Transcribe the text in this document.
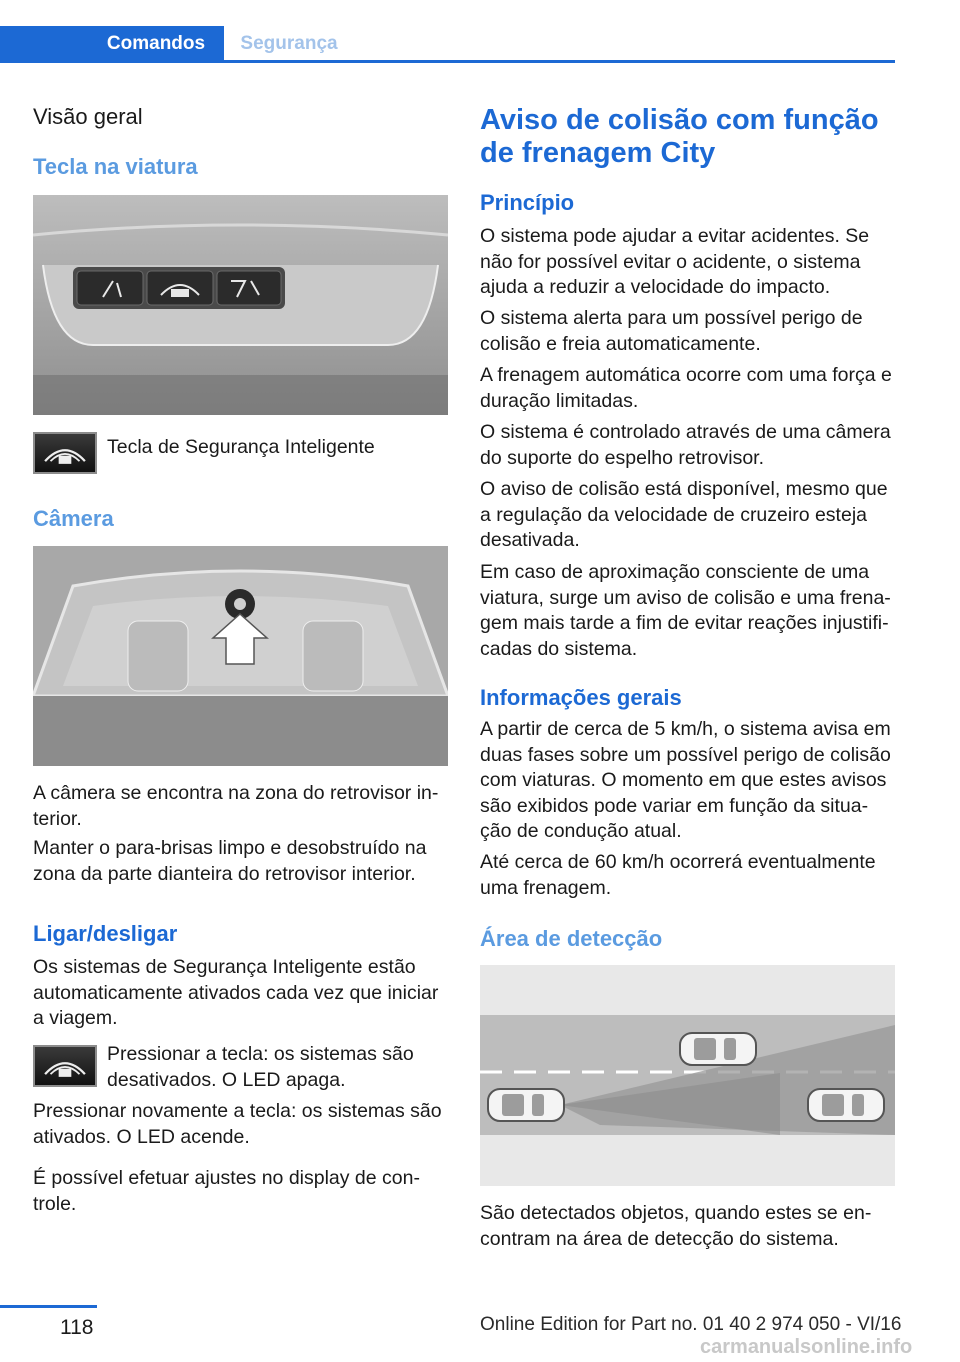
Comandos	Segurança
Visão geral
Tecla na viatura

Tecla de Segurança Inteligente

Câmera

A câmera se encontra na zona do retrovisor in-terior.

Manter o para-brisas limpo e desobstruído na zona da parte dianteira do retrovisor interior.

Ligar/desligar

Os sistemas de Segurança Inteligente estão automaticamente ativados cada vez que iniciar a viagem.

Pressionar a tecla: os sistemas são desativados. O LED apaga.

Pressionar novamente a tecla: os sistemas são ativados. O LED acende.

É possível efetuar ajustes no display de con-trole.

Aviso de colisão com função de frenagem City
Princípio

O sistema pode ajudar a evitar acidentes. Se não for possível evitar o acidente, o sistema ajuda a reduzir a velocidade do impacto.

O sistema alerta para um possível perigo de colisão e freia automaticamente.

A frenagem automática ocorre com uma força e duração limitadas.

O sistema é controlado através de uma câmera do suporte do espelho retrovisor.

O aviso de colisão está disponível, mesmo que a regulação da velocidade de cruzeiro esteja desativada.

Em caso de aproximação consciente de uma viatura, surge um aviso de colisão e uma frena-gem mais tarde a fim de evitar reações injustifi-cadas do sistema.

Informações gerais

A partir de cerca de 5 km/h, o sistema avisa em duas fases sobre um possível perigo de colisão com viaturas. O momento em que estes avisos são exibidos pode variar em função da situa-ção de condução atual.

Até cerca de 60 km/h ocorrerá eventualmente uma frenagem.

Área de detecção

São detectados objetos, quando estes se en-contram na área de detecção do sistema.

118	Online Edition for Part no. 01 40 2 974 050 - VI/16
carmanualsonline.info
